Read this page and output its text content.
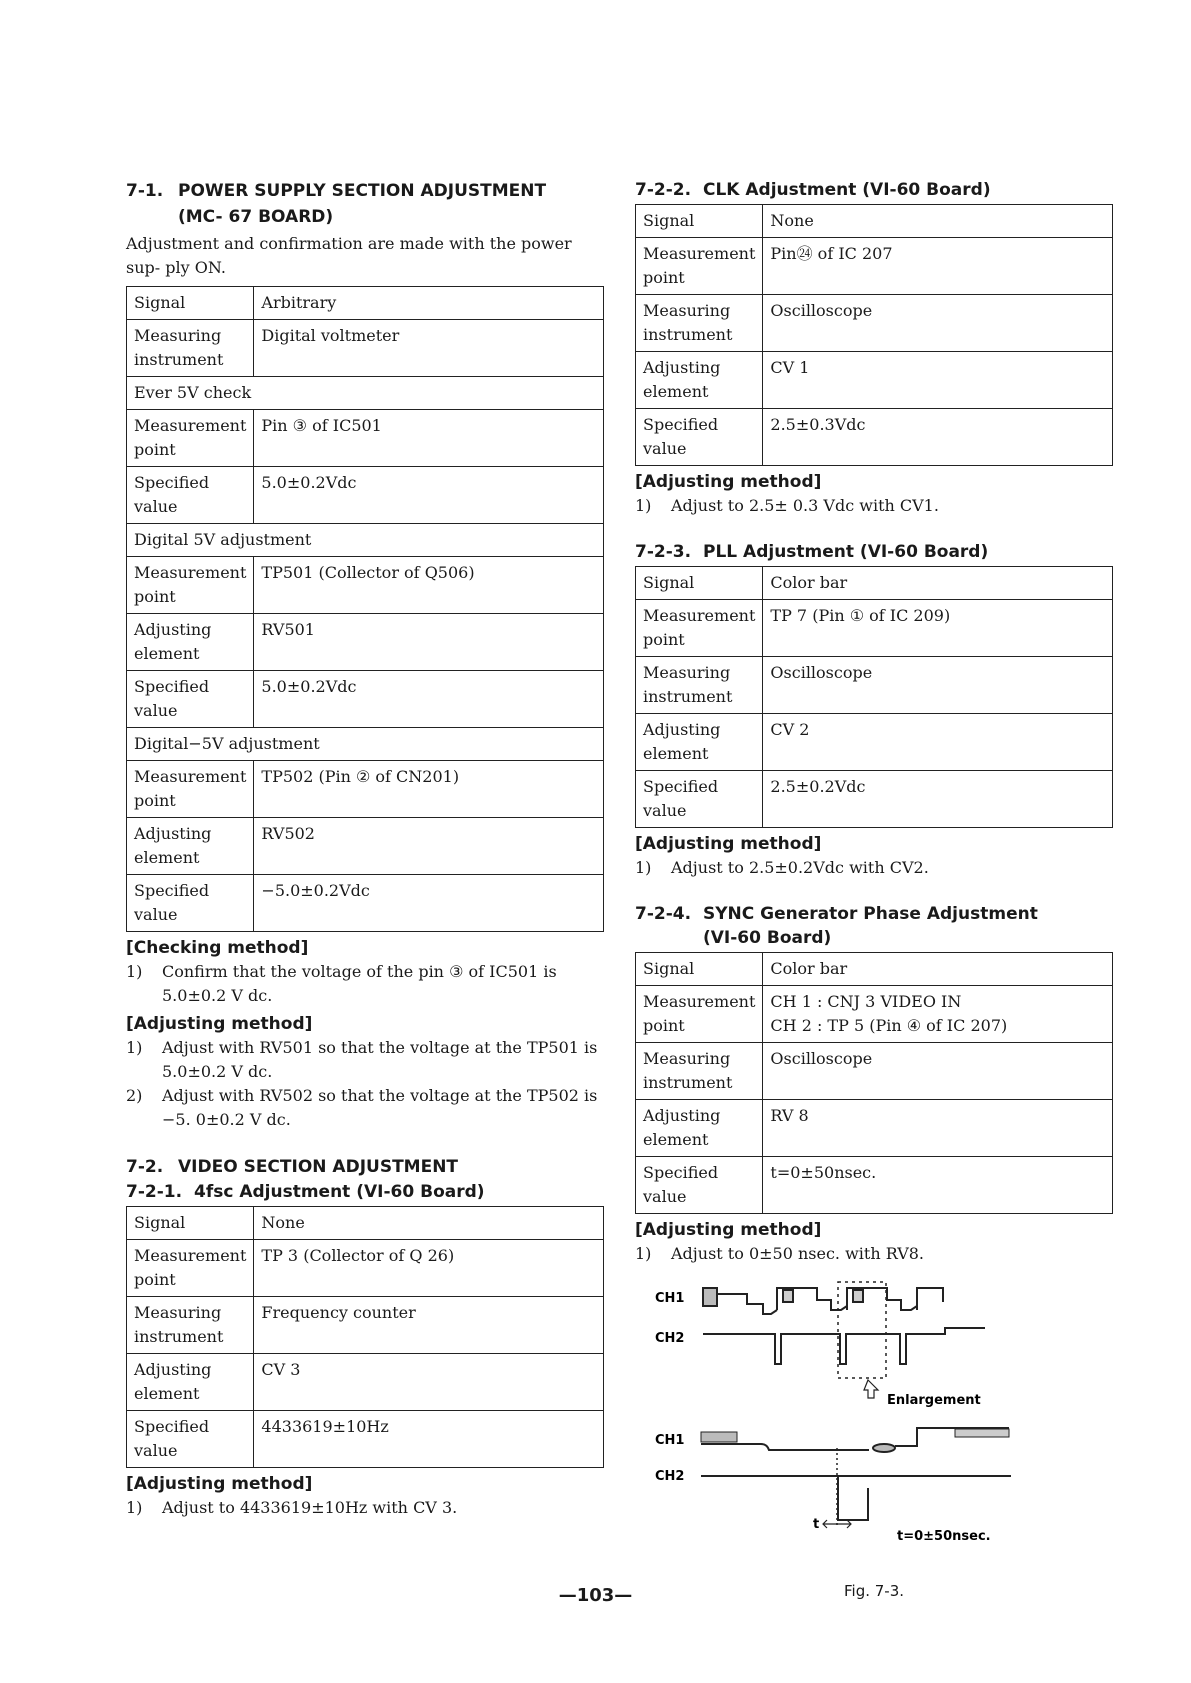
7-1. POWER SUPPLY SECTION ADJUSTMENT
(MC- 67 BOARD)
Adjustment and confirmation are made with the power sup- ply ON.
Signal	Arbitrary
Measuring instrument	Digital voltmeter
Ever 5V check	
Measurement point	Pin ③ of IC501
Specified value	5.0±0.2Vdc
Digital 5V adjustment	
Measurement point	TP501 (Collector of Q506)
Adjusting element	RV501
Specified value	5.0±0.2Vdc
Digital−5V adjustment	
Measurement point	TP502 (Pin ② of CN201)
Adjusting element	RV502
Specified value	−5.0±0.2Vdc
[Checking method]
1) Confirm that the voltage of the pin ③ of IC501 is 5.0±0.2 V dc.
[Adjusting method]
1) Adjust with RV501 so that the voltage at the TP501 is 5.0±0.2 V dc.
2) Adjust with RV502 so that the voltage at the TP502 is −5. 0±0.2 V dc.
7-2. VIDEO SECTION ADJUSTMENT
7-2-1. 4fsc Adjustment (VI-60 Board)
Signal	None
Measurement point	TP 3 (Collector of Q 26)
Measuring instrument	Frequency counter
Adjusting element	CV 3
Specified value	4433619±10Hz
[Adjusting method]
1) Adjust to 4433619±10Hz with CV 3.
7-2-2. CLK Adjustment (VI-60 Board)
Signal	None
Measurement point	Pin㉔ of IC 207
Measuring instrument	Oscilloscope
Adjusting element	CV 1
Specified value	2.5±0.3Vdc
[Adjusting method]
1) Adjust to 2.5± 0.3 Vdc with CV1.
7-2-3. PLL Adjustment (VI-60 Board)
Signal	Color bar
Measurement point	TP 7 (Pin ① of IC 209)
Measuring instrument	Oscilloscope
Adjusting element	CV 2
Specified value	2.5±0.2Vdc
[Adjusting method]
1) Adjust to 2.5±0.2Vdc with CV2.
7-2-4. SYNC Generator Phase Adjustment
(VI-60 Board)
Signal	Color bar
Measurement point	CH 1 : CNJ 3 VIDEO IN
CH 2 : TP 5 (Pin ④ of IC 207)

Measuring instrument	Oscilloscope
Adjusting element	RV 8
Specified value	t=0±50nsec.
[Adjusting method]
1) Adjust to 0±50 nsec. with RV8.
CH1
CH2
CH1
CH2
Enlargement
t
t=0±50nsec.
Fig. 7-3.
—103—
